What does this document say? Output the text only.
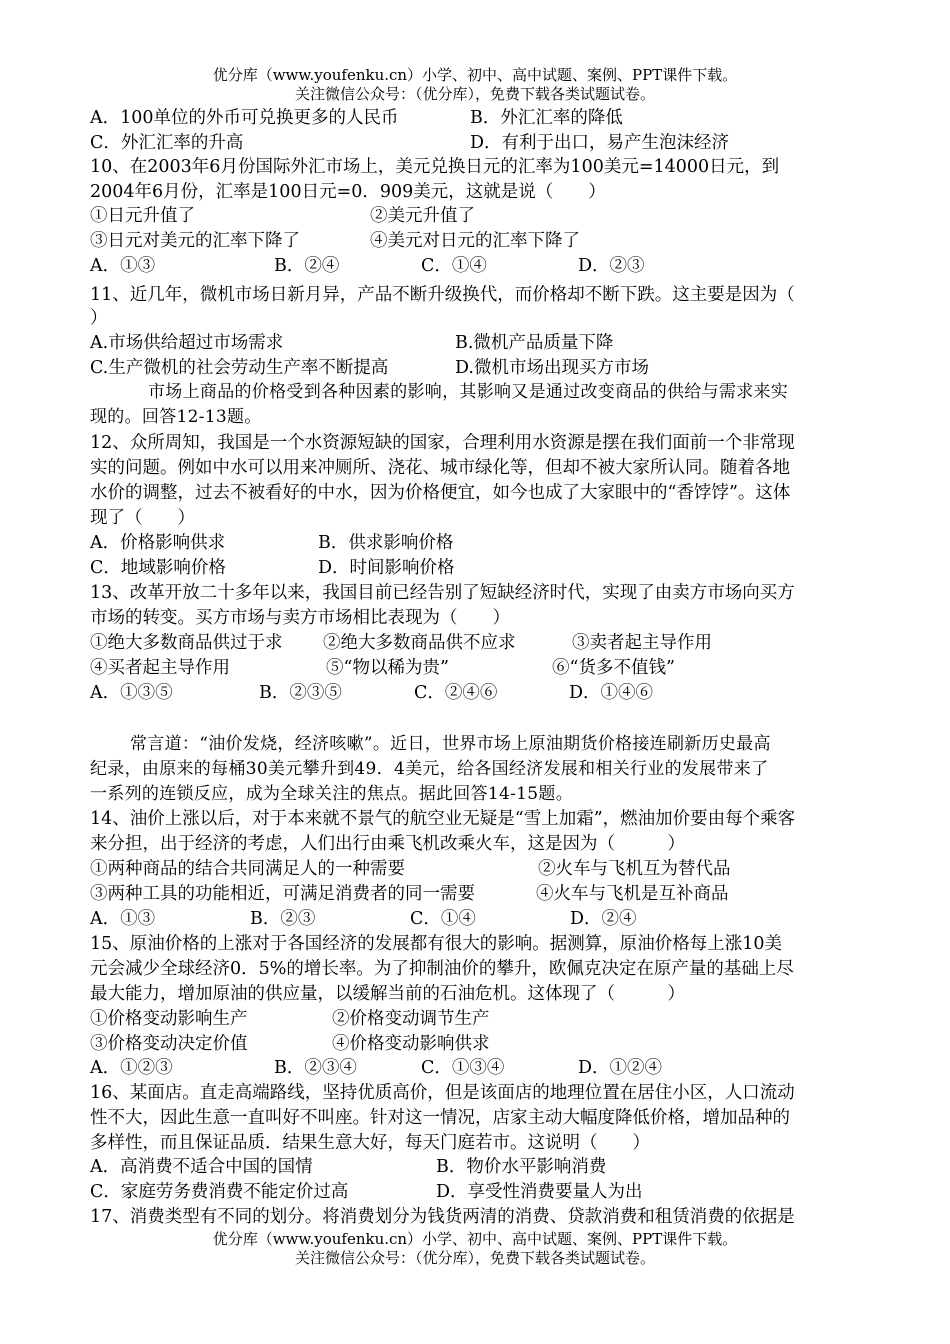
优分库（www.youfenku.cn）小学、初中、高中试题、案例、PPT课件下载。
关注微信公众号：（优分库），免费下载各类试题试卷。
A．100单位的外币可兑换更多的人民币	B．外汇汇率的降低
C．外汇汇率的升高	D．有利于出口，易产生泡沫经济
10、在2003年6月份国际外汇市场上，美元兑换日元的汇率为100美元=14000日元，到
2004年6月份，汇率是100日元=0．909美元，这就是说（　　）
①日元升值了	②美元升值了
③日元对美元的汇率下降了	④美元对日元的汇率下降了
A．①③	B．②④	C．①④	D．②③
11、近几年，微机市场日新月异，产品不断升级换代，而价格却不断下跌。这主要是因为（
）
A.市场供给超过市场需求	B.微机产品质量下降
C.生产微机的社会劳动生产率不断提高	D.微机市场出现买方市场
市场上商品的价格受到各种因素的影响，其影响又是通过改变商品的供给与需求来实
现的。回答12-13题。
12、众所周知，我国是一个水资源短缺的国家，合理利用水资源是摆在我们面前一个非常现
实的问题。例如中水可以用来冲厕所、浇花、城市绿化等，但却不被大家所认同。随着各地
水价的调整，过去不被看好的中水，因为价格便宜，如今也成了大家眼中的“香饽饽”。这体
现了（　　）
A．价格影响供求	B．供求影响价格
C．地域影响价格	D．时间影响价格
13、改革开放二十多年以来，我国目前已经告别了短缺经济时代，实现了由卖方市场向买方
市场的转变。买方市场与卖方市场相比表现为（　　）
①绝大多数商品供过于求 ②绝大多数商品供不应求	③卖者起主导作用
④买者起主导作用	⑤“物以稀为贵”	⑥“货多不值钱”
A．①③⑤	B．②③⑤	C．②④⑥	D．①④⑥
常言道：“油价发烧，经济咳嗽”。近日，世界市场上原油期货价格接连刷新历史最高
纪录，由原来的每桶30美元攀升到49．4美元，给各国经济发展和相关行业的发展带来了
一系列的连锁反应，成为全球关注的焦点。据此回答14-15题。
14、油价上涨以后，对于本来就不景气的航空业无疑是“雪上加霜”，燃油加价要由每个乘客
来分担，出于经济的考虑，人们出行由乘飞机改乘火车，这是因为（　　　）
①两种商品的结合共同满足人的一种需要	②火车与飞机互为替代品
③两种工具的功能相近，可满足消费者的同一需要	④火车与飞机是互补商品
A．①③	B．②③	C．①④	D．②④
15、原油价格的上涨对于各国经济的发展都有很大的影响。据测算，原油价格每上涨10美
元会减少全球经济0．5%的增长率。为了抑制油价的攀升，欧佩克决定在原产量的基础上尽
最大能力，增加原油的供应量，以缓解当前的石油危机。这体现了（　　　）
①价格变动影响生产	②价格变动调节生产
③价格变动决定价值	④价格变动影响供求
A．①②③	B．②③④	C．①③④	D．①②④
16、某面店。直走高端路线，坚持优质高价，但是该面店的地理位置在居住小区，人口流动
性不大，因此生意一直叫好不叫座。针对这一情况，店家主动大幅度降低价格，增加品种的
多样性，而且保证品质．结果生意大好，每天门庭若市。这说明（　　）
A．高消费不适合中国的国情	B．物价水平影响消费
C．家庭劳务费消费不能定价过高	D．享受性消费要量人为出
17、消费类型有不同的划分。将消费划分为钱货两清的消费、贷款消费和租赁消费的依据是
优分库（www.youfenku.cn）小学、初中、高中试题、案例、PPT课件下载。
关注微信公众号：（优分库），免费下载各类试题试卷。
